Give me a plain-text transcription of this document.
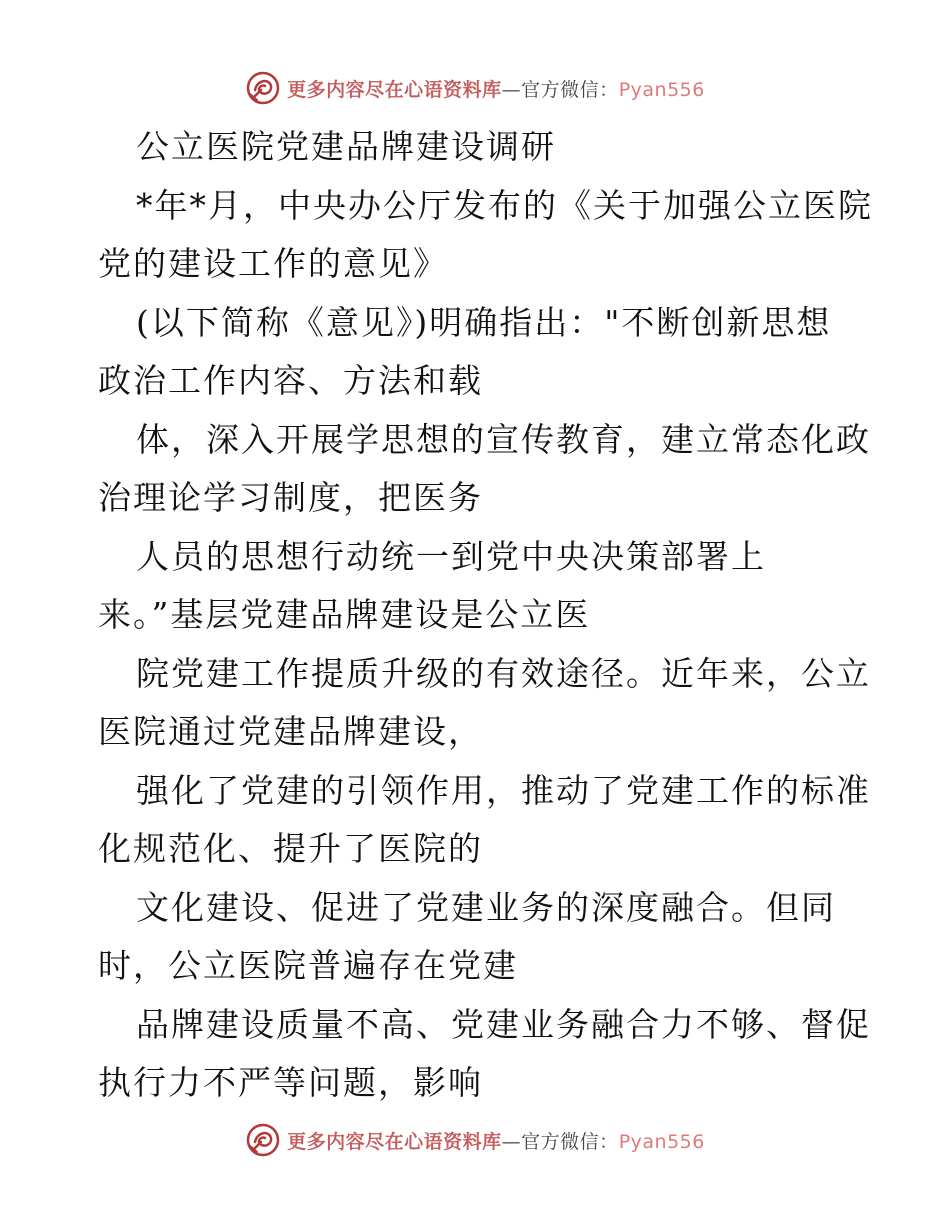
更多内容尽在心语资料库—官方微信：Pyan556
公立医院党建品牌建设调研
*年*月，中央办公厅发布的《关于加强公立医院
党的建设工作的意见》
(以下简称《意见》)明确指出："不断创新思想
政治工作内容、方法和载
体，深入开展学思想的宣传教育，建立常态化政
治理论学习制度，把医务
人员的思想行动统一到党中央决策部署上
来。”基层党建品牌建设是公立医
院党建工作提质升级的有效途径。近年来，公立
医院通过党建品牌建设，
强化了党建的引领作用，推动了党建工作的标准
化规范化、提升了医院的
文化建设、促进了党建业务的深度融合。但同
时，公立医院普遍存在党建
品牌建设质量不高、党建业务融合力不够、督促
执行力不严等问题，影响
更多内容尽在心语资料库—官方微信：Pyan556
